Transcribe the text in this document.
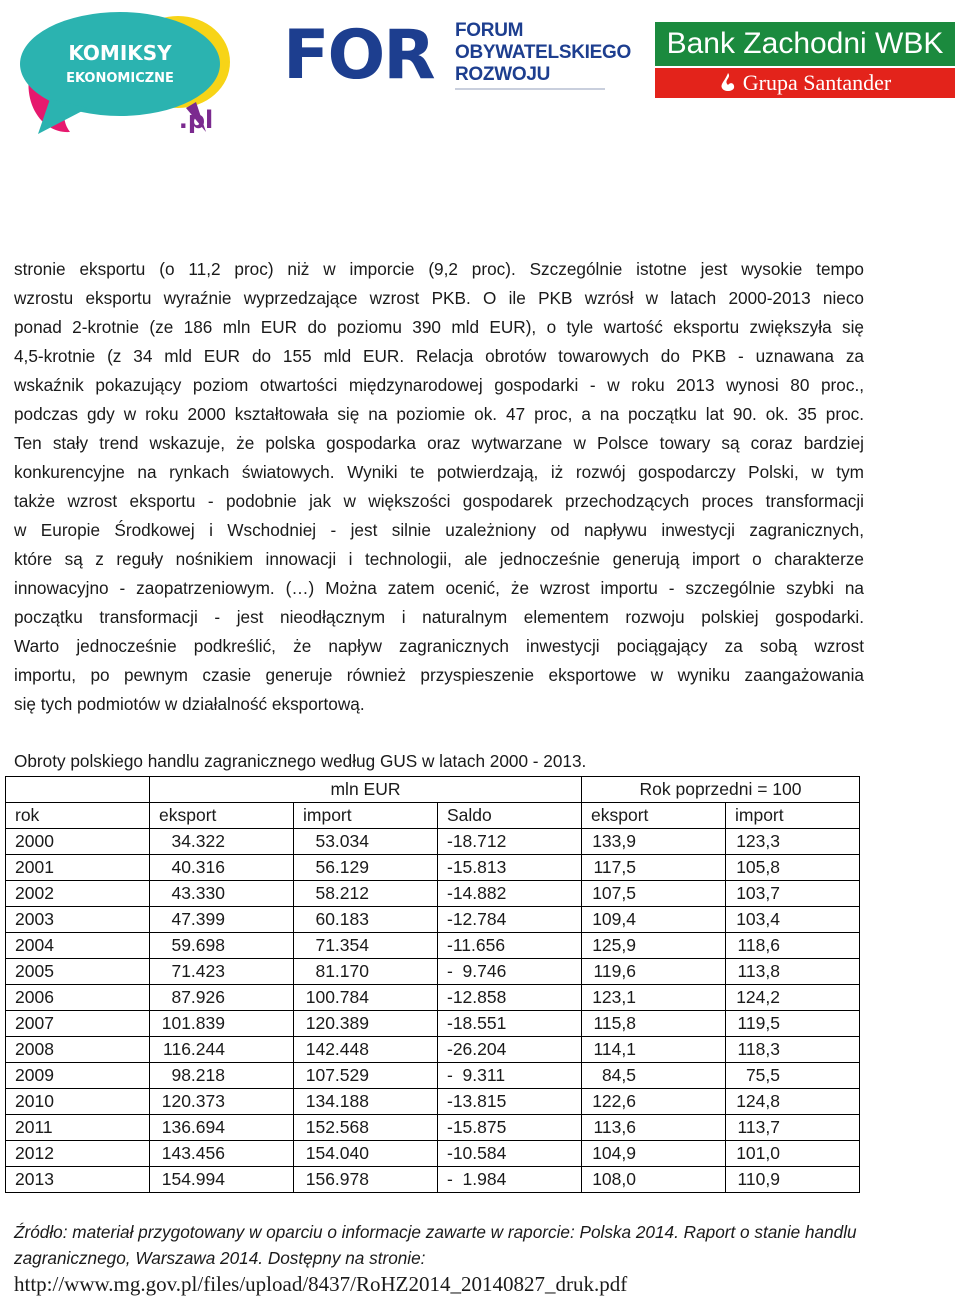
KOMIKSY
EKONOMICZNE
.pl
FOR FORUM
OBYWATELSKIEGO
ROZWOJU
Bank Zachodni WBK
Grupa Santander
stronie eksportu (o 11,2 proc) niż w imporcie (9,2 proc). Szczególnie istotne jest wysokie tempo
wzrostu eksportu wyraźnie wyprzedzające wzrost PKB. O ile PKB wzrósł w latach 2000-2013 nieco
ponad 2-krotnie (ze 186 mln EUR do poziomu 390 mld EUR), o tyle wartość eksportu zwiększyła się
4,5-krotnie (z 34 mld EUR do 155 mld EUR. Relacja obrotów towarowych do PKB - uznawana za
wskaźnik pokazujący poziom otwartości międzynarodowej gospodarki - w roku 2013 wynosi 80 proc.,
podczas gdy w roku 2000 kształtowała się na poziomie ok. 47 proc, a na początku lat 90. ok. 35 proc.
Ten stały trend wskazuje, że polska gospodarka oraz wytwarzane w Polsce towary są coraz bardziej
konkurencyjne na rynkach światowych. Wyniki te potwierdzają, iż rozwój gospodarczy Polski, w tym
także wzrost eksportu - podobnie jak w większości gospodarek przechodzących proces transformacji
w Europie Środkowej i Wschodniej - jest silnie uzależniony od napływu inwestycji zagranicznych,
które są z reguły nośnikiem innowacji i technologii, ale jednocześnie generują import o charakterze
innowacyjno - zaopatrzeniowym. (…) Można zatem ocenić, że wzrost importu - szczególnie szybki na
początku transformacji - jest nieodłącznym i naturalnym elementem rozwoju polskiej gospodarki.
Warto jednocześnie podkreślić, że napływ zagranicznych inwestycji pociągający za sobą wzrost
importu, po pewnym czasie generuje również przyspieszenie eksportowe w wyniku zaangażowania
się tych podmiotów w działalność eksportową.
Obroty polskiego handlu zagranicznego według GUS w latach 2000 - 2013.
	mln EUR			Rok poprzedni = 100	
rok	eksport	import	Saldo	eksport	import
2000	34.322	53.034	-18.712	133,9	123,3
2001	40.316	56.129	-15.813	117,5	105,8
2002	43.330	58.212	-14.882	107,5	103,7
2003	47.399	60.183	-12.784	109,4	103,4
2004	59.698	71.354	-11.656	125,9	118,6
2005	71.423	81.170	-  9.746	119,6	113,8
2006	87.926	100.784	-12.858	123,1	124,2
2007	101.839	120.389	-18.551	115,8	119,5
2008	116.244	142.448	-26.204	114,1	118,3
2009	98.218	107.529	-  9.311	84,5	75,5
2010	120.373	134.188	-13.815	122,6	124,8
2011	136.694	152.568	-15.875	113,6	113,7
2012	143.456	154.040	-10.584	104,9	101,0
2013	154.994	156.978	-  1.984	108,0	110,9
Źródło: materiał przygotowany w oparciu o informacje zawarte w raporcie: Polska 2014. Raport o stanie handlu zagranicznego, Warszawa 2014. Dostępny na stronie:
http://www.mg.gov.pl/files/upload/8437/RoHZ2014_20140827_druk.pdf
